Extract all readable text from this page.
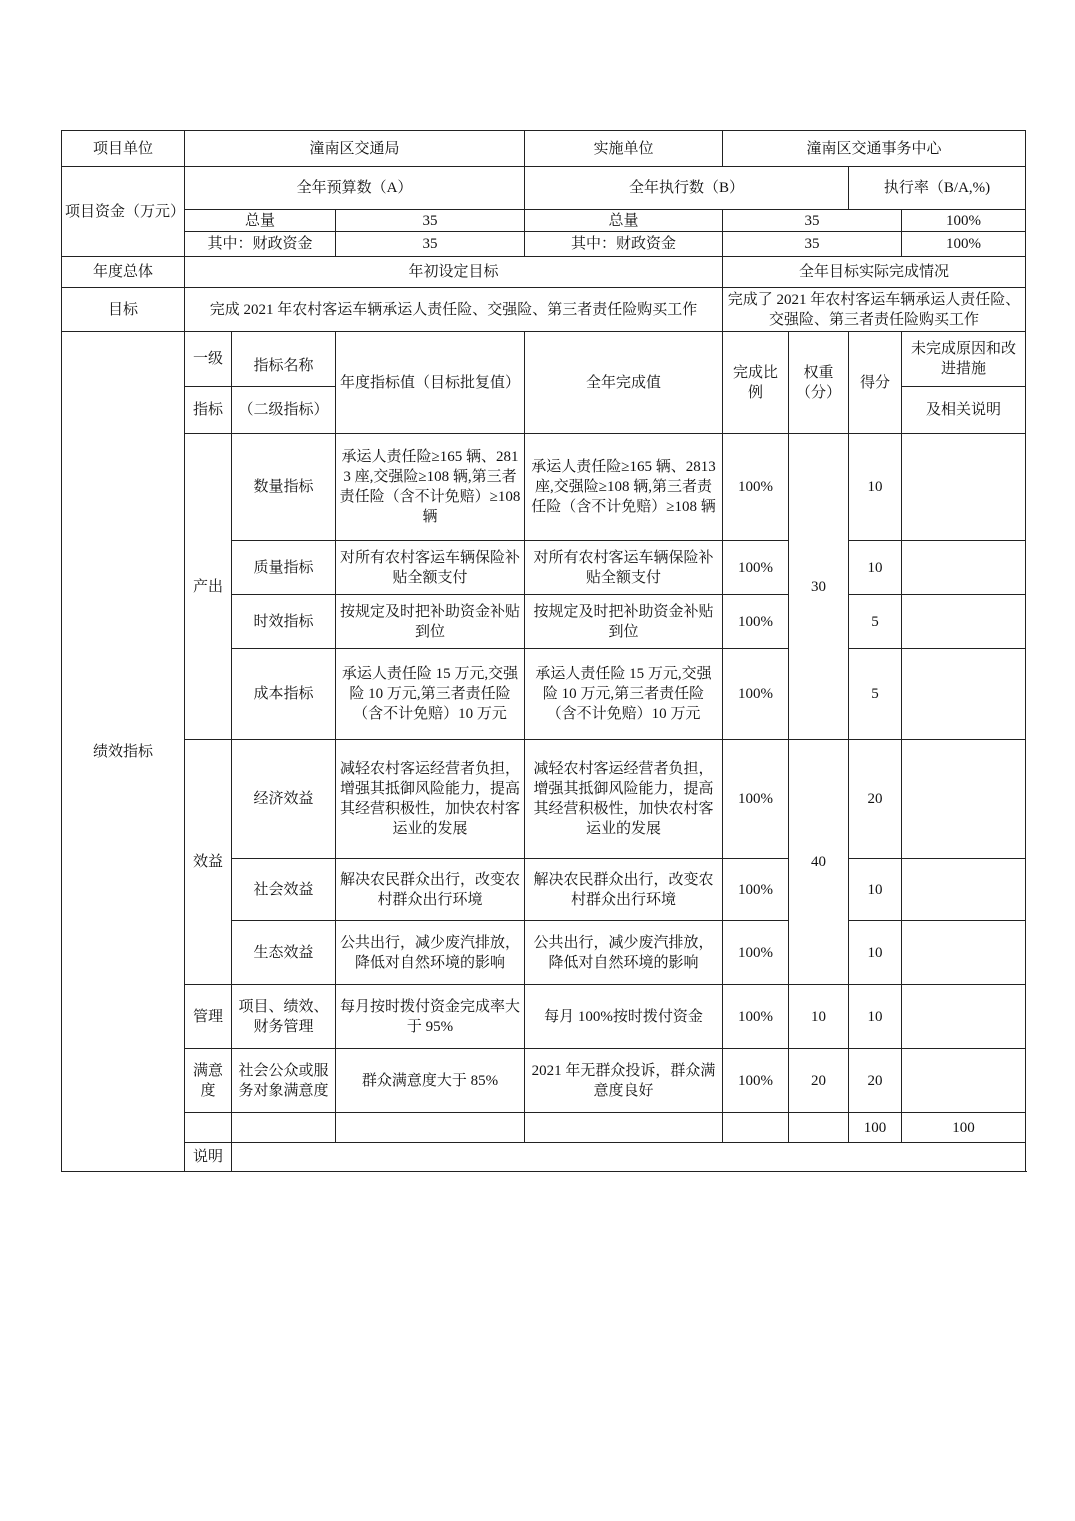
项目单位	潼南区交通局			实施单位	潼南区交通事务中心				
项目资金（万元）	全年预算数（A）			全年执行数（B）			执行率（B/A,%)		
	总量		35	总量	35			100%	
	其中：财政资金		35	其中：财政资金	35			100%	
年度总体	年初设定目标				全年目标实际完成情况				
目标	完成 2021 年农村客运车辆承运人责任险、交强险、第三者责任险购买工作				完成了 2021 年农村客运车辆承运人责任险、交强险、第三者责任险购买工作				
绩效指标	一级	指标名称	年度指标值（目标批复值）	全年完成值	完成比例	权重（分）	得分	未完成原因和改进措施	
	指标	（二级指标）						及相关说明	
	产出	数量指标	承运人责任险≥165 辆、2813 座,交强险≥108 辆,第三者责任险（含不计免赔）≥108 辆	承运人责任险≥165 辆、2813 座,交强险≥108 辆,第三者责任险（含不计免赔）≥108 辆	100%	30	10		
		质量指标	对所有农村客运车辆保险补贴全额支付	对所有农村客运车辆保险补贴全额支付	100%		10		
		时效指标	按规定及时把补助资金补贴到位	按规定及时把补助资金补贴到位	100%		5		
		成本指标	承运人责任险 15 万元,交强险 10 万元,第三者责任险（含不计免赔）10 万元	承运人责任险 15 万元,交强险 10 万元,第三者责任险（含不计免赔）10 万元	100%		5		
	效益	经济效益	减轻农村客运经营者负担，增强其抵御风险能力，提高其经营积极性，加快农村客运业的发展	减轻农村客运经营者负担，增强其抵御风险能力，提高其经营积极性，加快农村客运业的发展	100%	40	20		
		社会效益	解决农民群众出行，改变农村群众出行环境	解决农民群众出行，改变农村群众出行环境	100%		10		
		生态效益	公共出行，减少废汽排放，降低对自然环境的影响	公共出行，减少废汽排放，降低对自然环境的影响	100%		10		
	管理	项目、绩效、财务管理	每月按时拨付资金完成率大于 95%	每月 100%按时拨付资金	100%	10	10		
	满意度	社会公众或服务对象满意度	群众满意度大于 85%	2021 年无群众投诉，群众满意度良好	100%	20	20		
							100	100	
	说明								
